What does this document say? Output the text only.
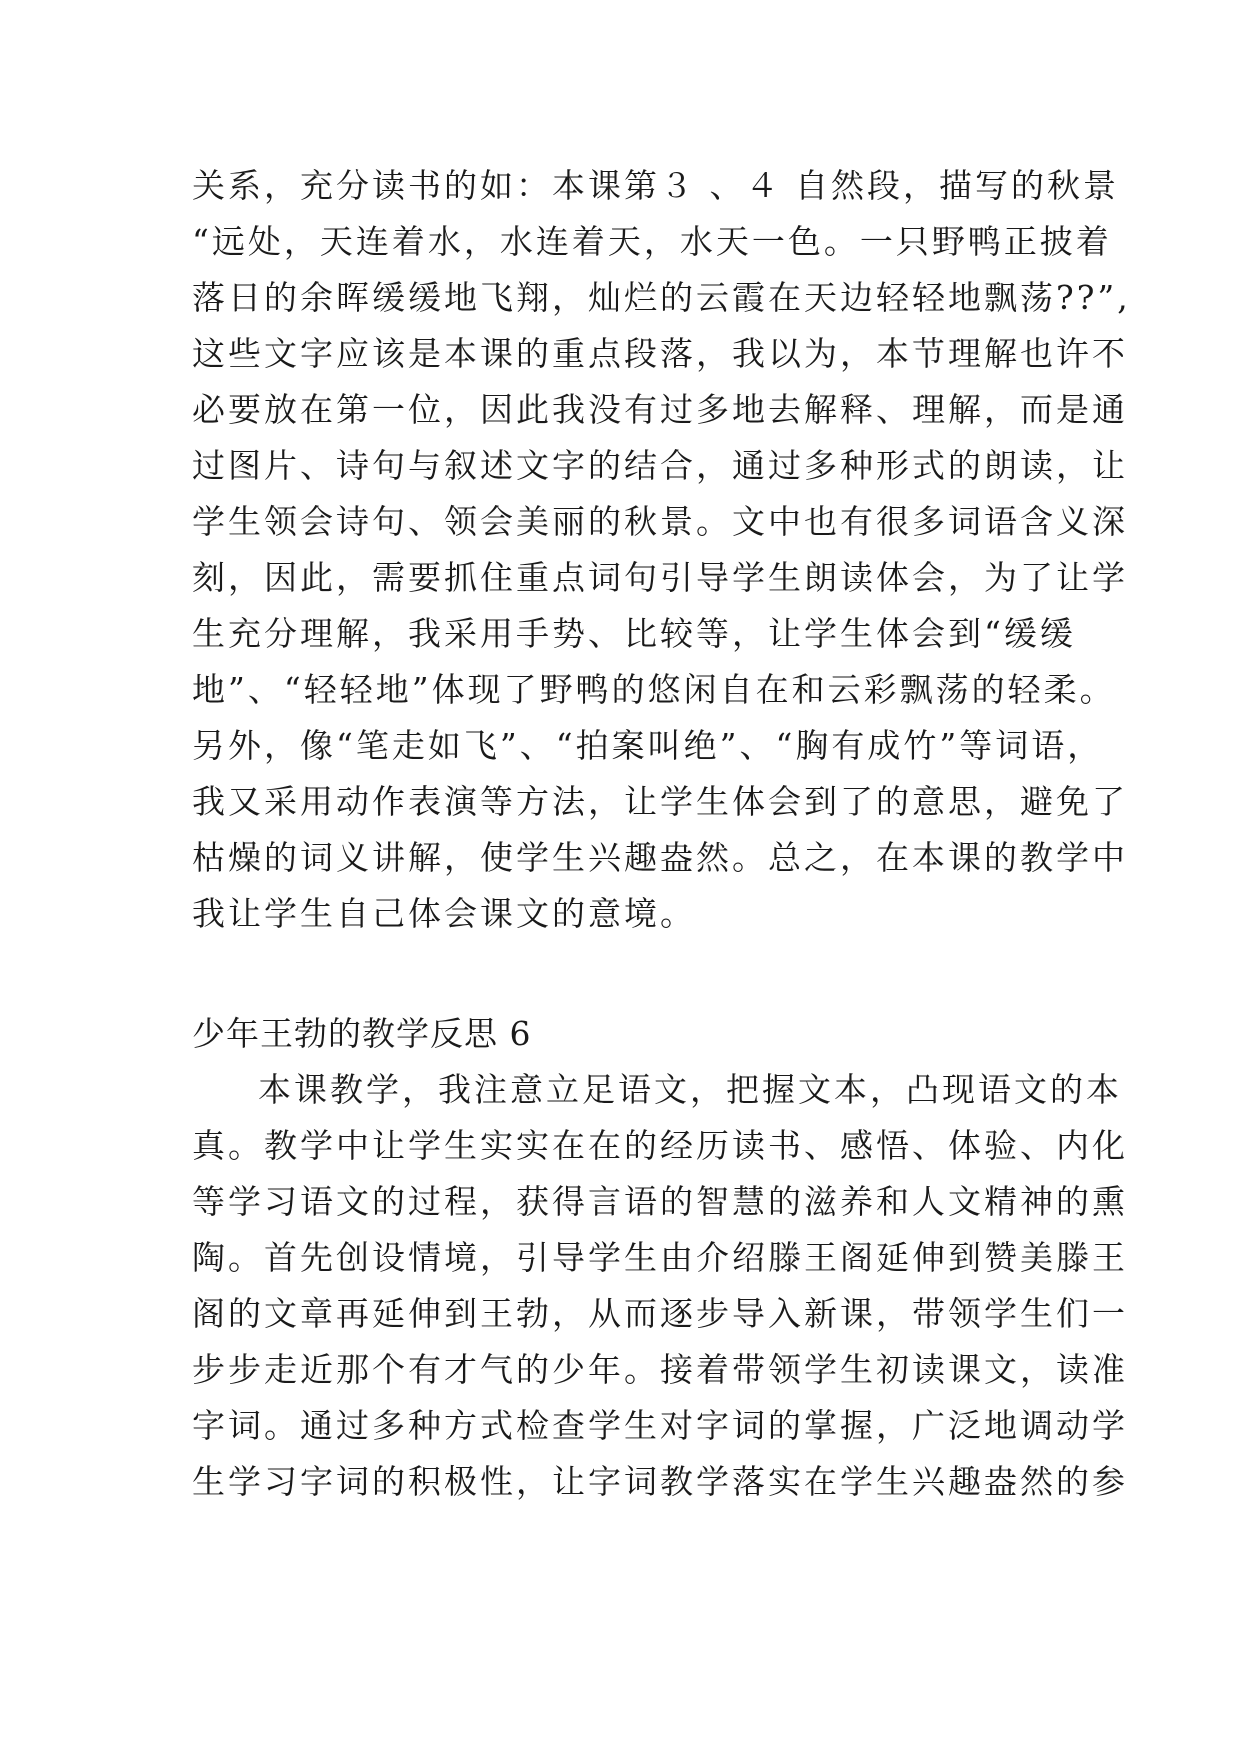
关系，充分读书的如：本课第３ 、４ 自然段，描写的秋景

“远处，天连着水，水连着天，水天一色。一只野鸭正披着

落日的余晖缓缓地飞翔，灿烂的云霞在天边轻轻地飘荡??”,

这些文字应该是本课的重点段落，我以为，本节理解也许不

必要放在第一位，因此我没有过多地去解释、理解，而是通

过图片、诗句与叙述文字的结合，通过多种形式的朗读，让

学生领会诗句、领会美丽的秋景。文中也有很多词语含义深

刻，因此，需要抓住重点词句引导学生朗读体会，为了让学

生充分理解，我采用手势、比较等，让学生体会到“缓缓

地”、“轻轻地”体现了野鸭的悠闲自在和云彩飘荡的轻柔。

另外，像“笔走如飞”、“拍案叫绝”、“胸有成竹”等词语，

我又采用动作表演等方法，让学生体会到了的意思，避免了

枯燥的词义讲解，使学生兴趣盎然。总之，在本课的教学中

我让学生自己体会课文的意境。

少年王勃的教学反思 6

本课教学，我注意立足语文，把握文本，凸现语文的本

真。教学中让学生实实在在的经历读书、感悟、体验、内化

等学习语文的过程，获得言语的智慧的滋养和人文精神的熏

陶。首先创设情境，引导学生由介绍滕王阁延伸到赞美滕王

阁的文章再延伸到王勃，从而逐步导入新课，带领学生们一

步步走近那个有才气的少年。接着带领学生初读课文，读准

字词。通过多种方式检查学生对字词的掌握，广泛地调动学

生学习字词的积极性，让字词教学落实在学生兴趣盎然的参
